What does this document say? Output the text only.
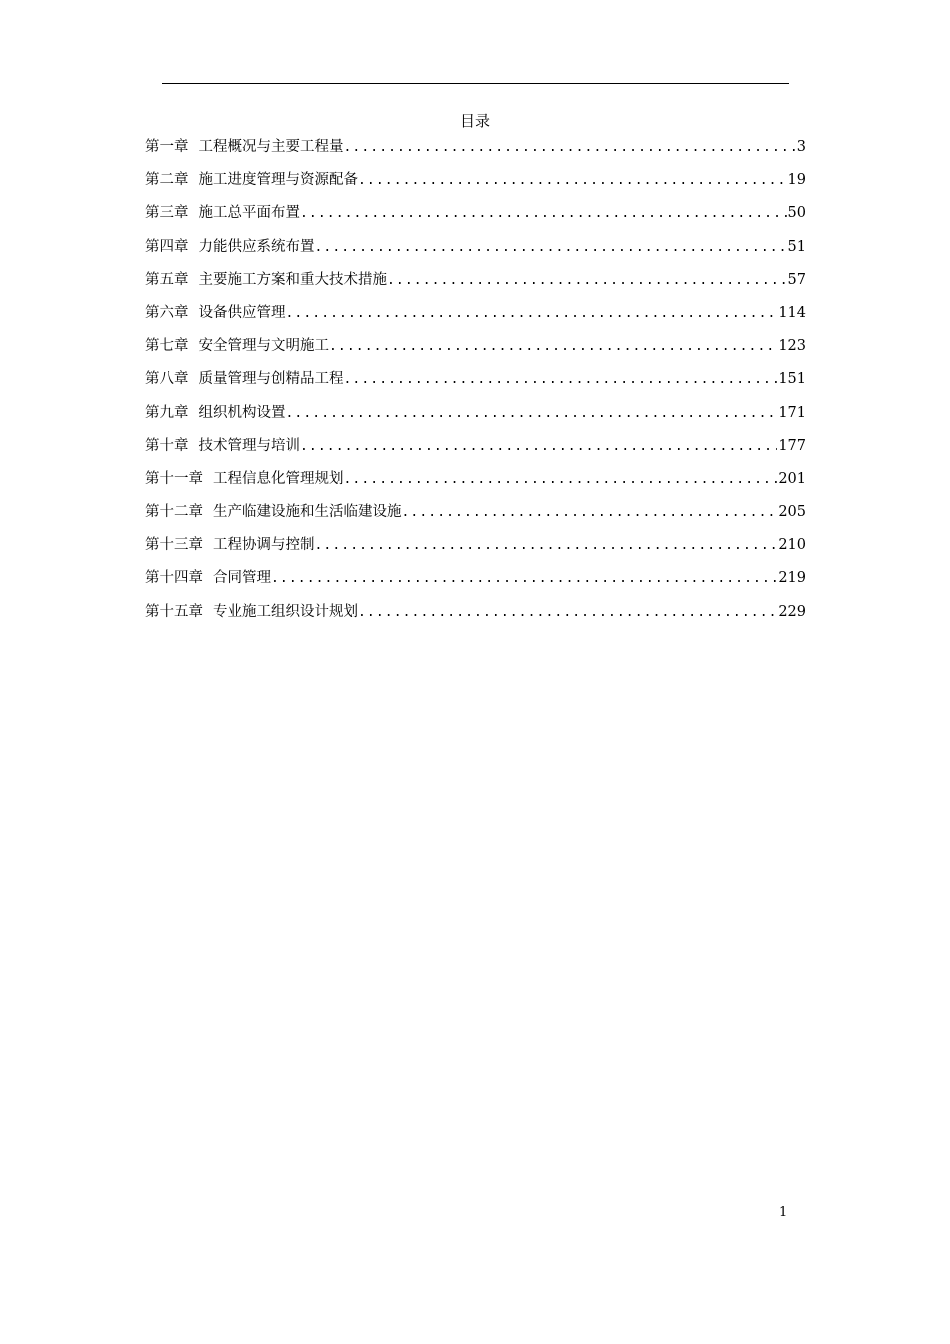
目录
第一章 工程概况与主要工程量 .....	3
第二章 施工进度管理与资源配备 .....	19
第三章 施工总平面布置 .....	50
第四章 力能供应系统布置 .....	51
第五章 主要施工方案和重大技术措施 .....	57
第六章 设备供应管理 .....	114
第七章 安全管理与文明施工 .....	123
第八章 质量管理与创精品工程 .....	151
第九章 组织机构设置 .....	171
第十章 技术管理与培训 .....	177
第十一章 工程信息化管理规划 .....	201
第十二章 生产临建设施和生活临建设施 .....	205
第十三章 工程协调与控制 .....	210
第十四章 合同管理 .....	219
第十五章 专业施工组织设计规划 .....	229
1
